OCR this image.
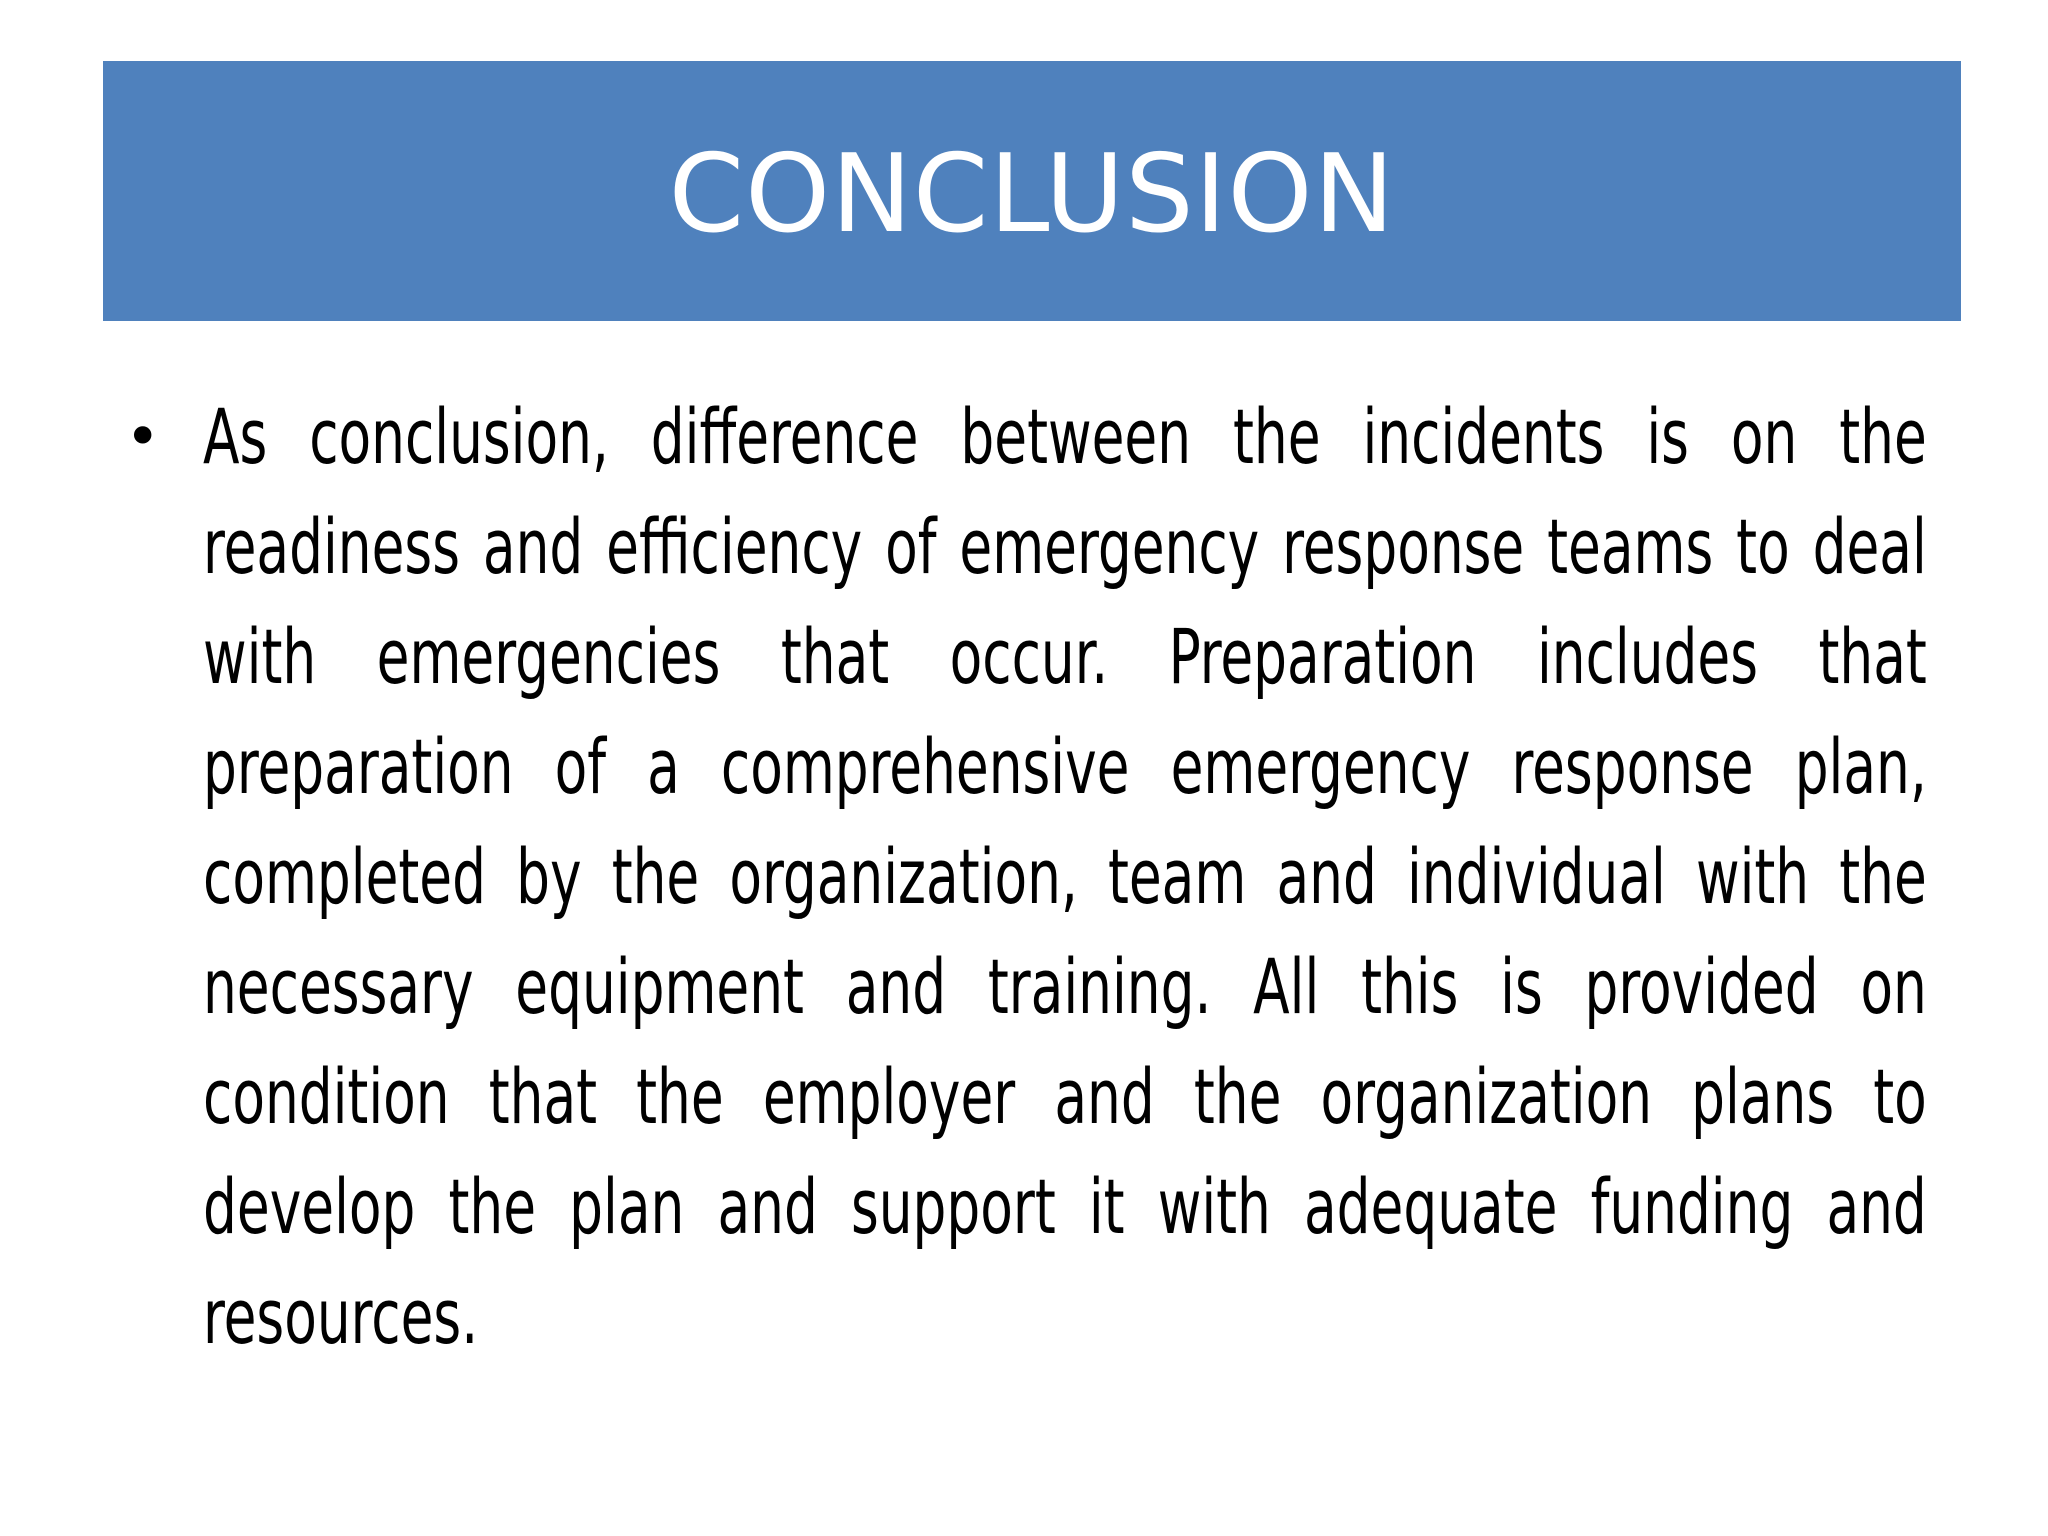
CONCLUSION
• As conclusion, difference between the incidents is on the readiness and efficiency of emergency response teams to deal with emergencies that occur. Preparation includes that preparation of a comprehensive emergency response plan, completed by the organization, team and individual with the necessary equipment and training. All this is provided on condition that the employer and the organization plans to develop the plan and support it with adequate funding and resources.
